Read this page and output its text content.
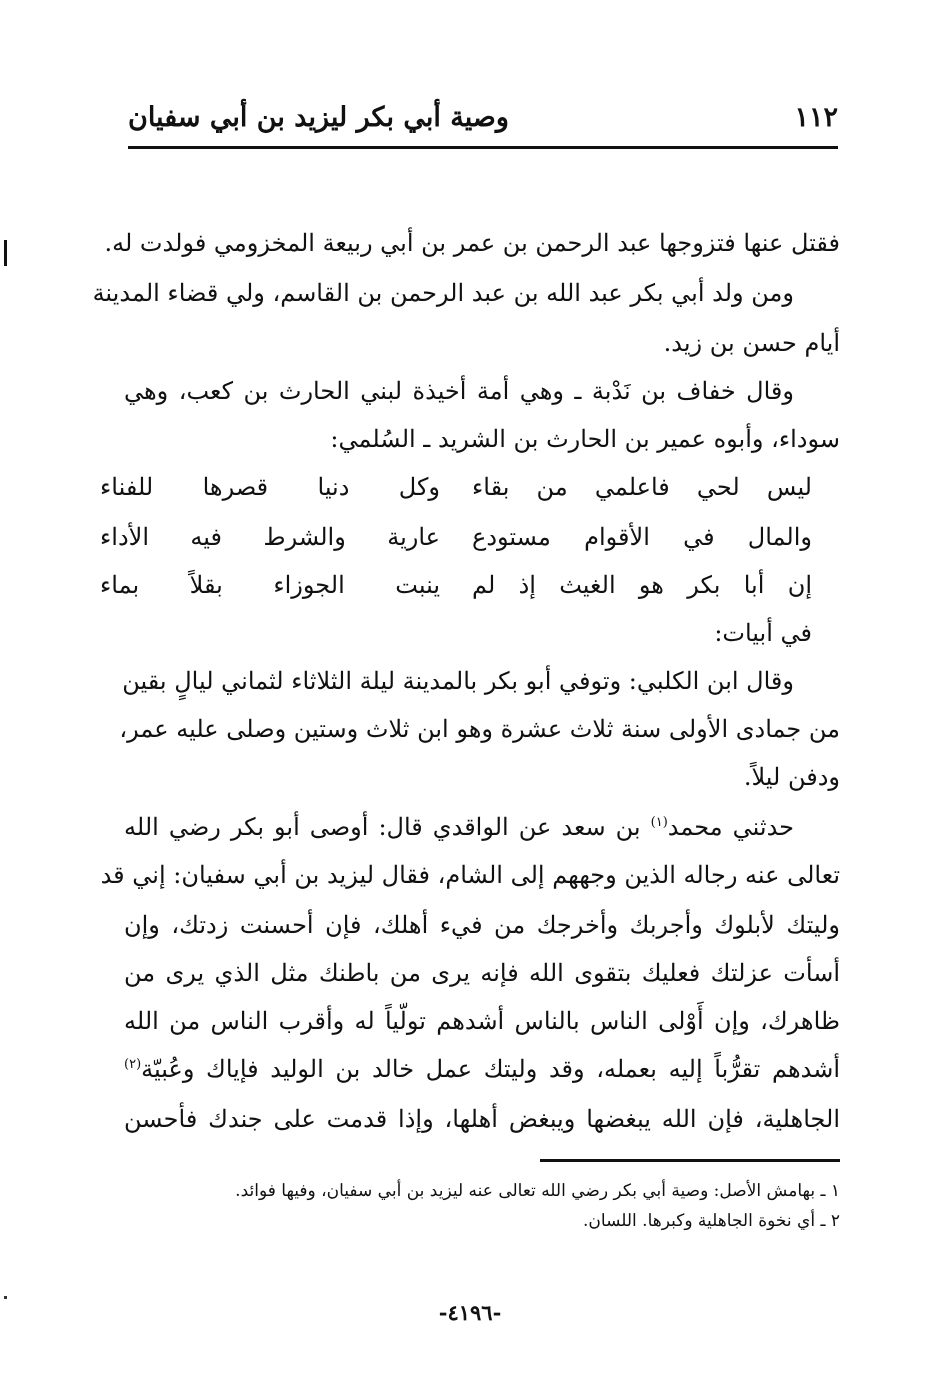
١١٢
وصية أبي بكر ليزيد بن أبي سفيان
فقتل عنها فتزوجها عبد الرحمن بن عمر بن أبي ربيعة المخزومي فولدت له.
ومن ولد أبي بكر عبد الله بن عبد الرحمن بن القاسم، ولي قضاء المدينة
أيام حسن بن زيد.
وقال خفاف بن نَدْبة ـ وهي أمة أخيذة لبني الحارث بن كعب، وهي
سوداء، وأبوه عمير بن الحارث بن الشريد ـ السُلمي:
ليس لحي فاعلمي من بقاء
وكل دنيا قصرها للفناء
والمال في الأقوام مستودع
عارية والشرط فيه الأداء
إن أبا بكر هو الغيث إذ لم
ينبت الجوزاء بقلاً بماء
في أبيات:
وقال ابن الكلبي: وتوفي أبو بكر بالمدينة ليلة الثلاثاء لثماني ليالٍ بقين
من جمادى الأولى سنة ثلاث عشرة وهو ابن ثلاث وستين وصلى عليه عمر،
ودفن ليلاً.
حدثني محمد$^{(١)}$ بن سعد عن الواقدي قال: أوصى أبو بكر رضي الله
تعالى عنه رجاله الذين وجههم إلى الشام، فقال ليزيد بن أبي سفيان: إني قد
وليتك لأبلوك وأجربك وأخرجك من فيء أهلك، فإن أحسنت زدتك، وإن
أسأت عزلتك فعليك بتقوى الله فإنه يرى من باطنك مثل الذي يرى من
ظاهرك، وإن أَوْلى الناس بالناس أشدهم تولّياً له وأقرب الناس من الله
أشدهم تقرُّباً إليه بعمله، وقد وليتك عمل خالد بن الوليد فإياك وعُبيّة$^{(٢)}$
الجاهلية، فإن الله يبغضها ويبغض أهلها، وإذا قدمت على جندك فأحسن
١ ـ بهامش الأصل: وصية أبي بكر رضي الله تعالى عنه ليزيد بن أبي سفيان، وفيها فوائد.
٢ ـ أي نخوة الجاهلية وكبرها. اللسان.
-٤١٩٦-
